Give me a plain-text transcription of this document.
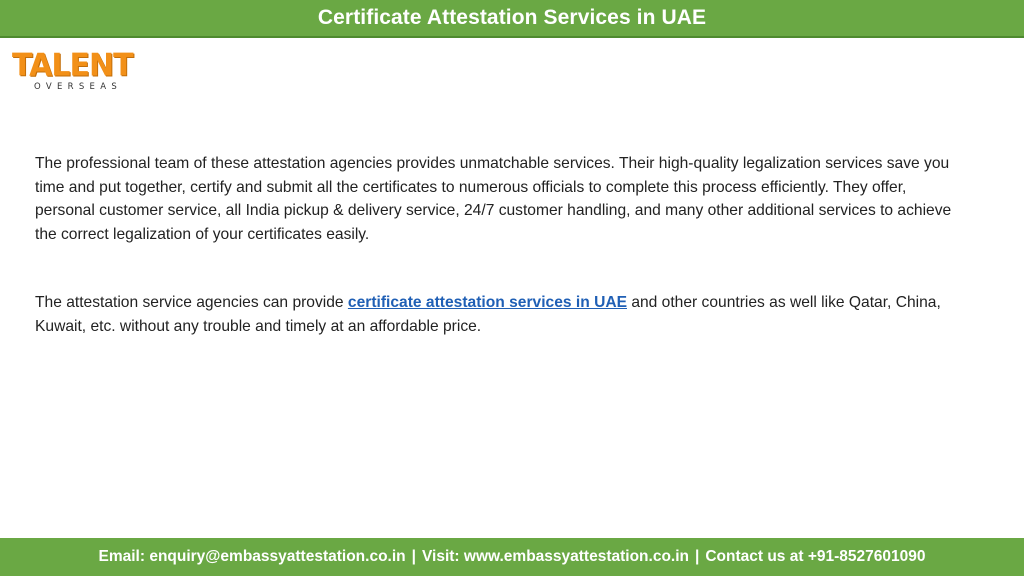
Certificate Attestation Services in UAE
TALENT
OVERSEAS

The professional team of these attestation agencies provides unmatchable services. Their high-quality legalization services save you time and put together, certify and submit all the certificates to numerous officials to complete this process efficiently. They offer, personal customer service, all India pickup & delivery service, 24/7 customer handling, and many other additional services to achieve the correct legalization of your certificates easily.

The attestation service agencies can provide certificate attestation services in UAE and other countries as well like Qatar, China, Kuwait, etc. without any trouble and timely at an affordable price.

Email: enquiry@embassyattestation.co.in | Visit: www.embassyattestation.co.in | Contact us at +91-8527601090
